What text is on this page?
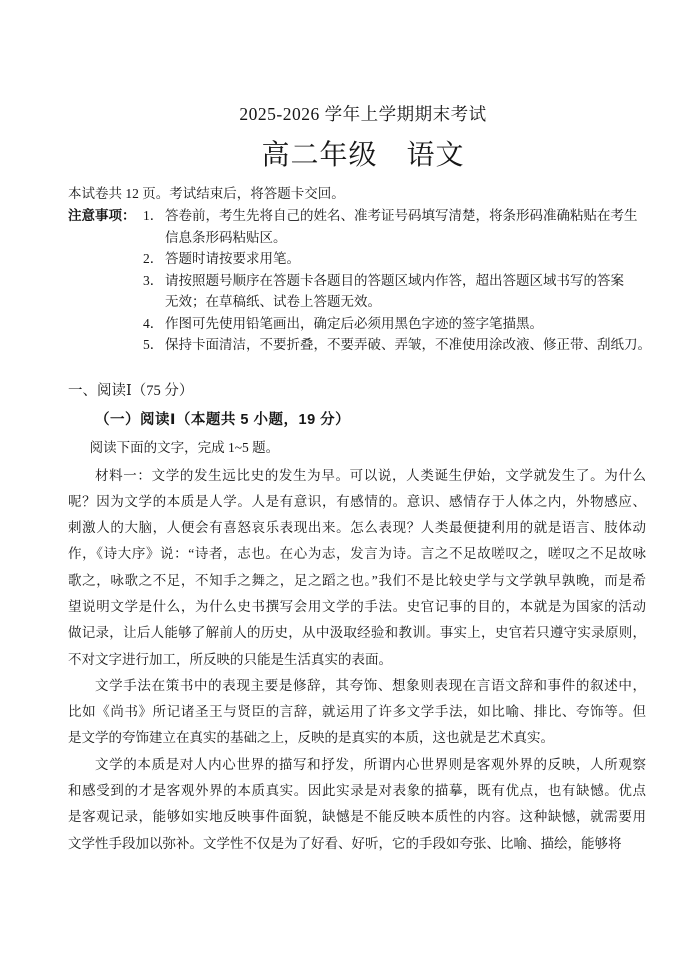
2025-2026 学年上学期期末考试
高二年级　语文
本试卷共 12 页。考试结束后，将答题卡交回。
注意事项： 1． 答卷前，考生先将自己的姓名、准考证号码填写清楚，将条形码准确粘贴在考生
信息条形码粘贴区。
2． 答题时请按要求用笔。
3． 请按照题号顺序在答题卡各题目的答题区域内作答，超出答题区域书写的答案
无效；在草稿纸、试卷上答题无效。
4． 作图可先使用铅笔画出，确定后必须用黑色字迹的签字笔描黑。
5． 保持卡面清洁，不要折叠，不要弄破、弄皱，不准使用涂改液、修正带、刮纸刀。
一、阅读Ⅰ（75 分）
（一）阅读Ⅰ（本题共 5 小题，19 分）
阅读下面的文字，完成 1~5 题。
材料一：文学的发生远比史的发生为早。可以说，人类诞生伊始，文学就发生了。为什么
呢？因为文学的本质是人学。人是有意识，有感情的。意识、感情存于人体之内，外物感应、
刺激人的大脑，人便会有喜怒哀乐表现出来。怎么表现？人类最便捷利用的就是语言、肢体动
作，《诗大序》说：“诗者，志也。在心为志，发言为诗。言之不足故嗟叹之，嗟叹之不足故咏
歌之，咏歌之不足，不知手之舞之，足之蹈之也。”我们不是比较史学与文学孰早孰晚，而是希
望说明文学是什么，为什么史书撰写会用文学的手法。史官记事的目的，本就是为国家的活动
做记录，让后人能够了解前人的历史，从中汲取经验和教训。事实上，史官若只遵守实录原则，
不对文字进行加工，所反映的只能是生活真实的表面。
文学手法在策书中的表现主要是修辞，其夸饰、想象则表现在言语文辞和事件的叙述中，
比如《尚书》所记诸圣王与贤臣的言辞，就运用了许多文学手法，如比喻、排比、夸饰等。但
是文学的夸饰建立在真实的基础之上，反映的是真实的本质，这也就是艺术真实。
文学的本质是对人内心世界的描写和抒发，所谓内心世界则是客观外界的反映，人所观察
和感受到的才是客观外界的本质真实。因此实录是对表象的描摹，既有优点，也有缺憾。优点
是客观记录，能够如实地反映事件面貌，缺憾是不能反映本质性的内容。这种缺憾，就需要用
文学性手段加以弥补。文学性不仅是为了好看、好听，它的手段如夸张、比喻、描绘，能够将
